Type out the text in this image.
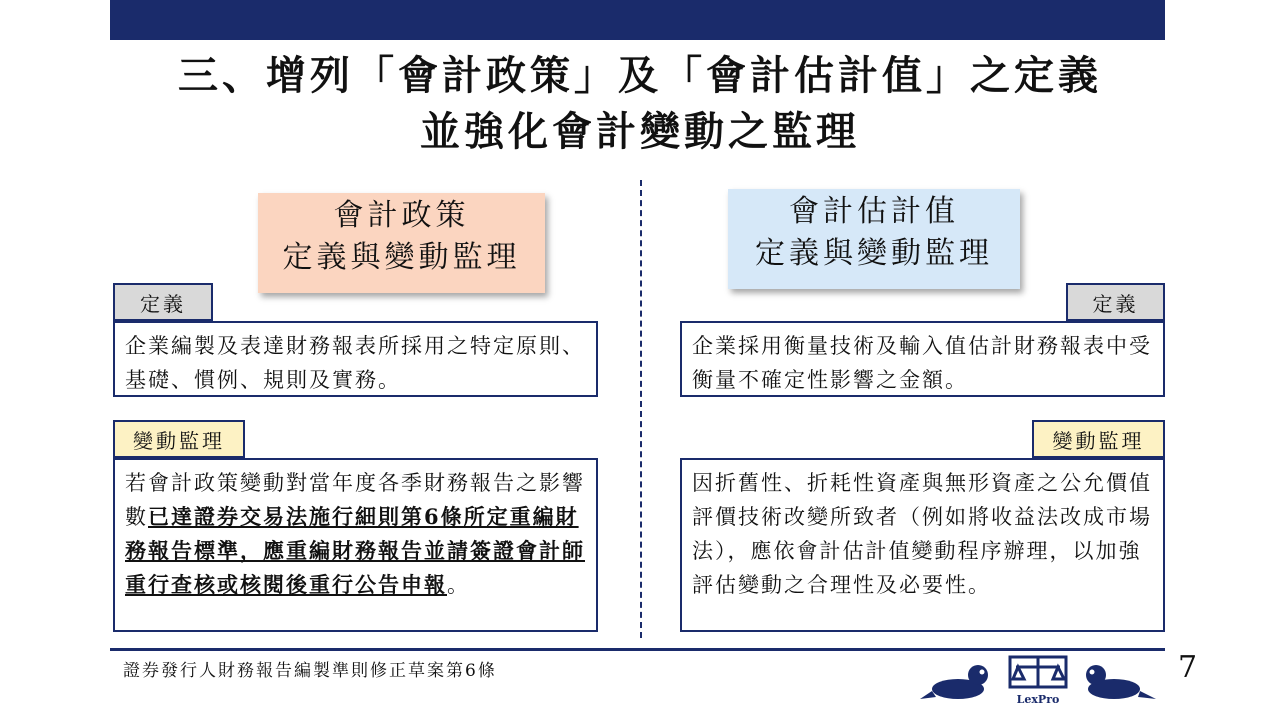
三、增列「會計政策」及「會計估計值」之定義
並強化會計變動之監理
會計政策
定義與變動監理
定義
企業編製及表達財務報表所採用之特定原則、基礎、慣例、規則及實務。
變動監理
若會計政策變動對當年度各季財務報告之影響數已達證券交易法施行細則第6條所定重編財務報告標準，應重編財務報告並請簽證會計師重行查核或核閱後重行公告申報。
會計估計值
定義與變動監理
定義
企業採用衡量技術及輸入值估計財務報表中受衡量不確定性影響之金額。
變動監理
因折舊性、折耗性資產與無形資產之公允價值評價技術改變所致者（例如將收益法改成市場法），應依會計估計值變動程序辦理，以加強評估變動之合理性及必要性。
證券發行人財務報告編製準則修正草案第6條
LexPro
7
